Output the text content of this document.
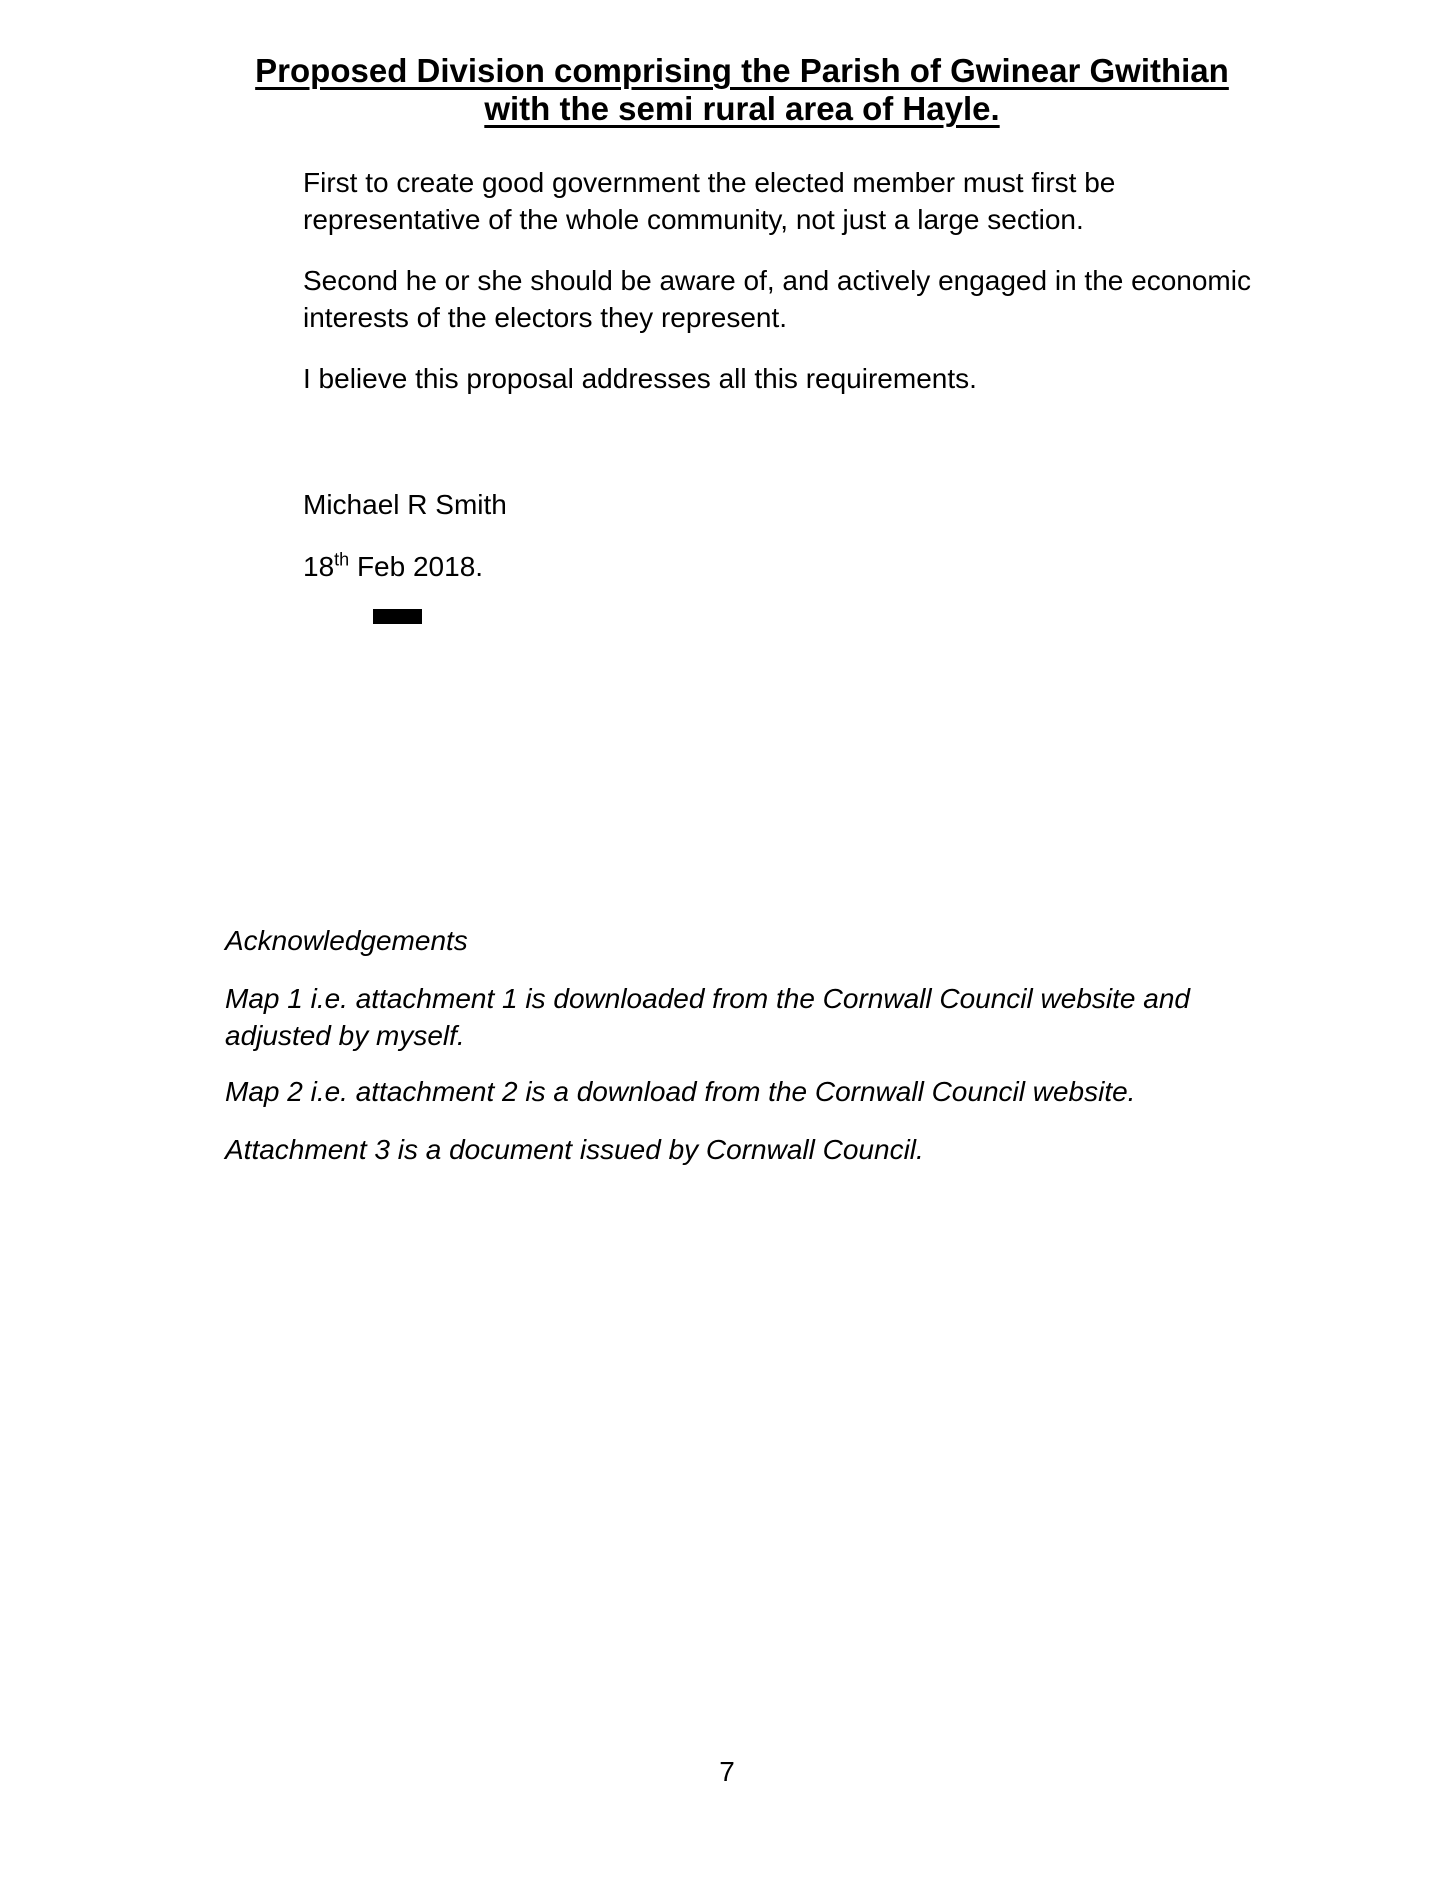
Proposed Division comprising the Parish of Gwinear Gwithian
with the semi rural area of Hayle.
First to create good government the elected member must first be
representative of the whole community, not just a large section.
Second he or she should be aware of, and actively engaged in the economic
interests of the electors they represent.
I believe this proposal addresses all this requirements.
Michael R Smith
18th Feb 2018.
Acknowledgements
Map 1 i.e. attachment 1 is downloaded from the Cornwall Council website and
adjusted by myself.
Map 2 i.e. attachment 2 is a download from the Cornwall Council website.
Attachment 3 is a document issued by Cornwall Council.
7
